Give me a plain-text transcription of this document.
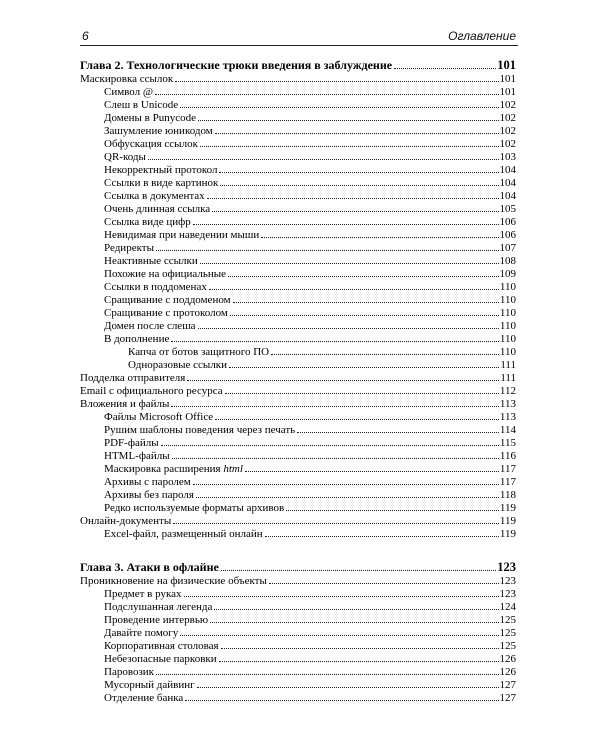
6	Оглавление
Глава 2. Технологические трюки введения в заблуждение	101
Маскировка ссылок	101
Символ @	101
Слеш в Unicode	102
Домены в Punycode	102
Зашумление юникодом	102
Обфускация ссылок	102
QR-коды	103
Некорректный протокол	104
Ссылки в виде картинок	104
Ссылка в документах	104
Очень длинная ссылка	105
Ссылка виде цифр	106
Невидимая при наведении мыши	106
Редиректы	107
Неактивные ссылки	108
Похожие на официальные	109
Ссылки в поддоменах	110
Сращивание с поддоменом	110
Сращивание с протоколом	110
Домен после слеша	110
В дополнение	110
Капча от ботов защитного ПО	110
Одноразовые ссылки	111
Подделка отправителя	111
Email с официального ресурса	112
Вложения и файлы	113
Файлы Microsoft Office	113
Рушим шаблоны поведения через печать	114
PDF-файлы	115
HTML-файлы	116
Маскировка расширения html	117
Архивы с паролем	117
Архивы без пароля	118
Редко используемые форматы архивов	119
Онлайн-документы	119
Excel-файл, размещенный онлайн	119
Глава 3. Атаки в офлайне	123
Проникновение на физические объекты	123
Предмет в руках	123
Подслушанная легенда	124
Проведение интервью	125
Давайте помогу	125
Корпоративная столовая	125
Небезопасные парковки	126
Паровозик	126
Мусорный дайвинг	127
Отделение банка	127
